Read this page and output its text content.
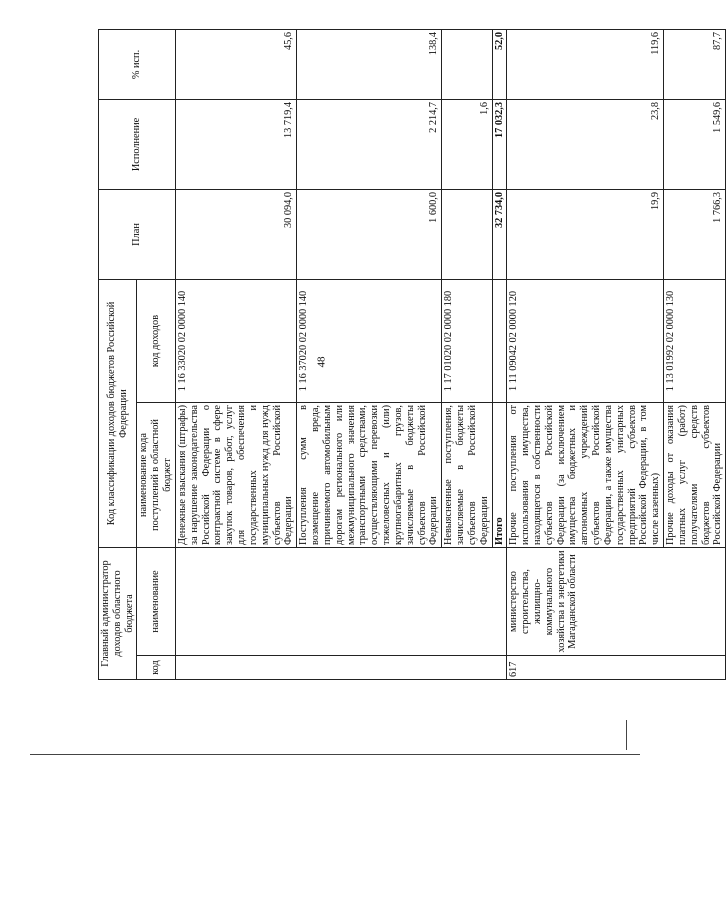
48
Главный администратор доходов областного бюджета		Код классификации доходов бюджетов Российской Федерации		План	Исполнение	% исп.
код	наименование	наименование кода поступлений в областной бюджет	код доходов			
		Денежные взыскания (штрафы) за нарушение законодательства Российской Федерации о контрактной системе в сфере закупок товаров, работ, услуг для обеспечения государственных и муниципальных нужд для нужд субъектов Российской Федерации	1 16 33020 02 0000 140	30 094,0	13 719,4	45,6
		Поступления сумм в возмещение вреда, причиняемого автомобильным дорогам регионального или межмуниципального значения транспортными средствами, осуществляющими перевозки тяжеловесных и (или) крупногабаритных грузов, зачисляемые в бюджеты субъектов Российской Федерации	1 16 37020 02 0000 140	1 600,0	2 214,7	138,4
		Невыясненные поступления, зачисляемые в бюджеты субъектов Российской Федерации	1 17 01020 02 0000 180		1,6	
		Итого		32 734,0	17 032,3	52,0
617	министерство строительства, жилищно-коммунального хозяйства и энергетики Магаданской области	Прочие поступления от использования имущества, находящегося в собственности субъектов Российской Федерации (за исключением имущества бюджетных и автономных учреждений субъектов Российской Федерации, а также имущества государственных унитарных предприятий субъектов Российской Федерации, в том числе казенных)	1 11 09042 02 0000 120	19,9	23,8	119,6
		Прочие доходы от оказания платных услуг (работ) получателями средств бюджетов субъектов Российской Федерации	1 13 01992 02 0000 130	1 766,3	1 549,6	87,7
